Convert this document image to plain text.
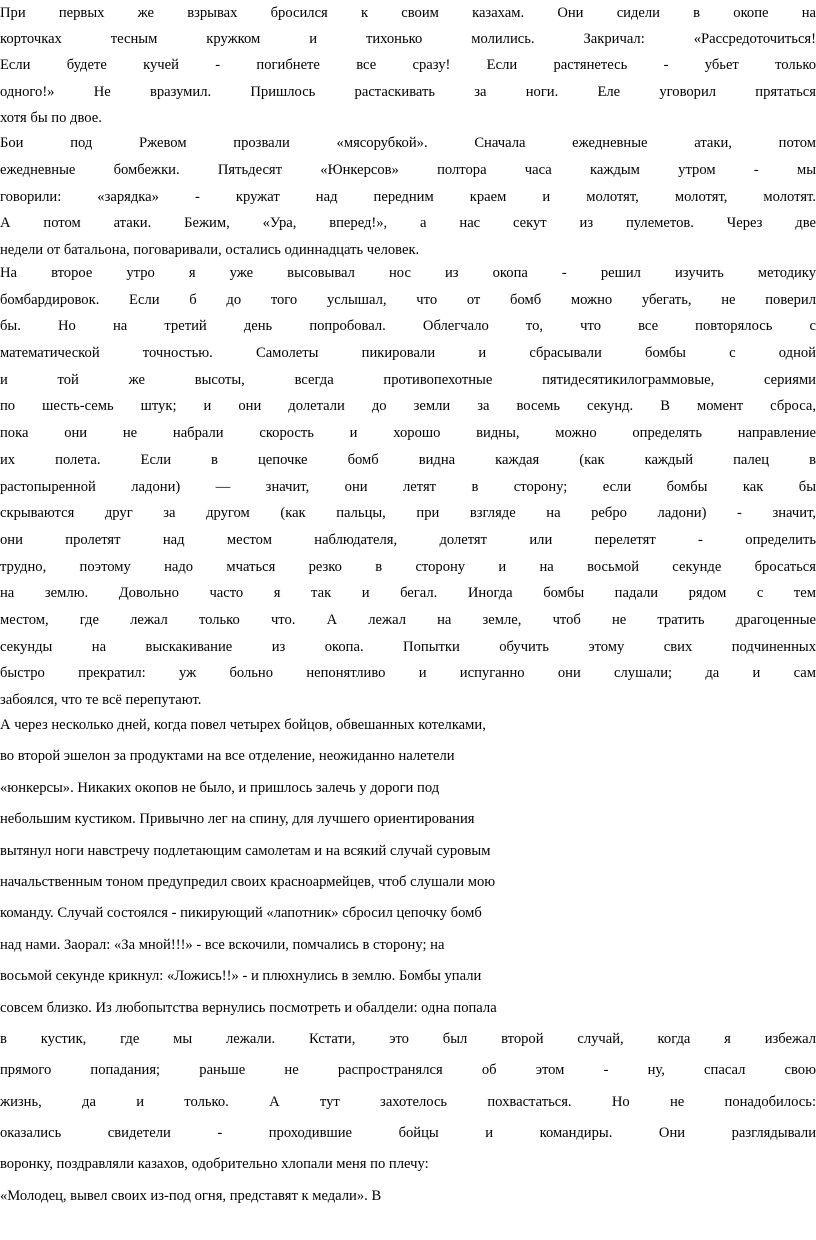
При первых же взрывах бросился к своим казахам. Они сидели в окопе на
корточках тесным кружком и тихонько молились. Закричал: «Рассредоточиться!
Если будете кучей - погибнете все сразу! Если растянетесь - убьет только
одного!» Не вразумил. Пришлось растаскивать за ноги. Еле уговорил прятаться
хотя бы по двое.
Бои под Ржевом прозвали «мясорубкой». Сначала ежедневные атаки, потом
ежедневные бомбежки. Пятьдесят «Юнкерсов» полтора часа каждым утром - мы
говорили: «зарядка» - кружат над передним краем и молотят, молотят, молотят.
А потом атаки. Бежим, «Ура, вперед!», а нас секут из пулеметов. Через две
недели от батальона, поговаривали, остались одиннадцать человек.
На второе утро я уже высовывал нос из окопа - решил изучить методику
бомбардировок. Если б до того услышал, что от бомб можно убегать, не поверил
бы. Но на третий день попробовал. Облегчало то, что все повторялось с
математической точностью. Самолеты пикировали и сбрасывали бомбы с одной
и той же высоты, всегда противопехотные пятидесятикилограммовые, сериями
по шесть-семь штук; и они долетали до земли за восемь секунд. В момент сброса,
пока они не набрали скорость и хорошо видны, можно определять направление
их полета. Если в цепочке бомб видна каждая (как каждый палец в
растопыренной ладони) — значит, они летят в сторону; если бомбы как бы
скрываются друг за другом (как пальцы, при взгляде на ребро ладони) - значит,
они пролетят над местом наблюдателя, долетят или перелетят - определить
трудно, поэтому надо мчаться резко в сторону и на восьмой секунде бросаться
на землю. Довольно часто я так и бегал. Иногда бомбы падали рядом с тем
местом, где лежал только что. А лежал на земле, чтоб не тратить драгоценные
секунды на выскакивание из окопа. Попытки обучить этому свих подчиненных
быстро прекратил: уж больно непонятливо и испуганно они слушали; да и сам
забоялся, что те всё перепутают.
А через несколько дней, когда повел четырех бойцов, обвешанных котелками,
во второй эшелон за продуктами на все отделение, неожиданно налетели
«юнкерсы». Никаких окопов не было, и пришлось залечь у дороги под
небольшим кустиком. Привычно лег на спину, для лучшего ориентирования
вытянул ноги навстречу подлетающим самолетам и на всякий случай суровым
начальственным тоном предупредил своих красноармейцев, чтоб слушали мою
команду. Случай состоялся - пикирующий «лапотник» сбросил цепочку бомб
над нами. Заорал: «За мной!!!» - все вскочили, помчались в сторону; на
восьмой секунде крикнул: «Ложись!!» - и плюхнулись в землю. Бомбы упали
совсем близко. Из любопытства вернулись посмотреть и обалдели: одна попала
в кустик, где мы лежали. Кстати, это был второй случай, когда я избежал
прямого попадания; раньше не распространялся об этом - ну, спасал свою
жизнь, да и только. А тут захотелось похвастаться. Но не понадобилось:
оказались свидетели - проходившие бойцы и командиры. Они разглядывали
воронку, поздравляли казахов, одобрительно хлопали меня по плечу:
«Молодец, вывел своих из-под огня, представят к медали». В
